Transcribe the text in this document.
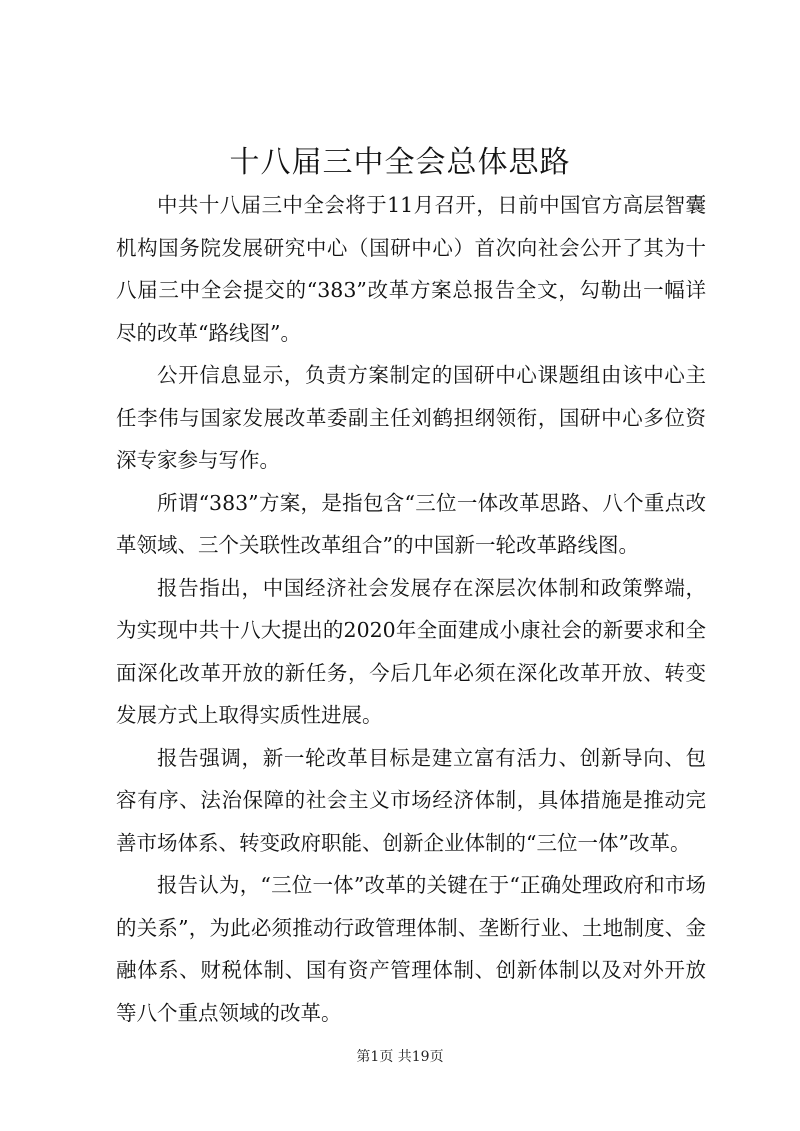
十八届三中全会总体思路

中共十八届三中全会将于11月召开，日前中国官方高层智囊机构国务院发展研究中心（国研中心）首次向社会公开了其为十八届三中全会提交的“383”改革方案总报告全文，勾勒出一幅详尽的改革“路线图”。

公开信息显示，负责方案制定的国研中心课题组由该中心主任李伟与国家发展改革委副主任刘鹤担纲领衔，国研中心多位资深专家参与写作。

所谓“383”方案，是指包含“三位一体改革思路、八个重点改革领域、三个关联性改革组合”的中国新一轮改革路线图。

报告指出，中国经济社会发展存在深层次体制和政策弊端，为实现中共十八大提出的2020年全面建成小康社会的新要求和全面深化改革开放的新任务，今后几年必须在深化改革开放、转变发展方式上取得实质性进展。

报告强调，新一轮改革目标是建立富有活力、创新导向、包容有序、法治保障的社会主义市场经济体制，具体措施是推动完善市场体系、转变政府职能、创新企业体制的“三位一体”改革。

报告认为，“三位一体”改革的关键在于“正确处理政府和市场的关系”，为此必须推动行政管理体制、垄断行业、土地制度、金融体系、财税体制、国有资产管理体制、创新体制以及对外开放等八个重点领域的改革。

第1页 共19页
